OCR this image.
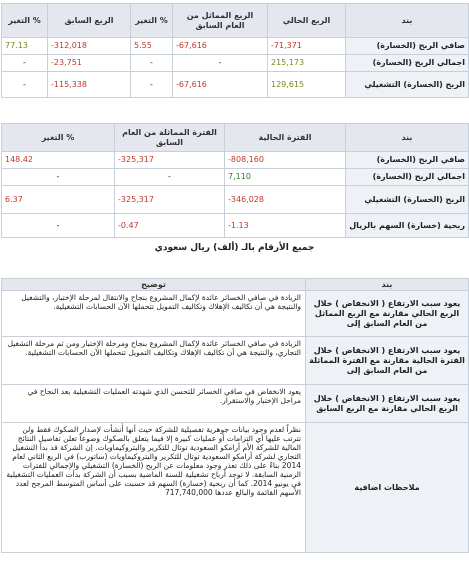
بند	الربع الحالي	الربع المماثل من العام السابق	% التغير	الربع السابق	% التغير
صافي الربح (الخسارة)	-71,371	-67,616	5.55	-312,018	77.13
اجمالي الربح (الخسارة)	215,173	-	-	-23,751	-
الربح (الخسارة) التشغيلي	129,615	-67,616	-	-115,338	-
بند	الفترة الحالية	الفترة المماثلة من العام السابق	% التغير
صافي الربح (الخسارة)	-808,160	-325,317	148.42
اجمالي الربح (الخسارة)	7,110	-	-
الربح (الخسارة) التشغيلي	-346,028	-325,317	6.37
ربحية (خسارة) السهم بالريال	-1.13	-0.47	-
جميع الأرقام بالـ (ألف) ريال سعودي
بند	توضيح
يعود سبب الارتفاع ( الانخفاض ) خلال الربع الحالي مقارنة مع الربع المماثل من العام السابق إلى	الزيادة في صافي الخسائر عائدة لإكمال المشروع بنجاح والانتقال لمرحلة الإختبار، والتشغيل والنتيجة هي أن تكاليف الإهلاك وتكاليف التمويل تتحملها الآن الحسابات التشغيلية.
يعود سبب الارتفاع ( الانخفاض ) خلال الفترة الحالية مقارنة مع الفترة المماثلة من العام السابق إلى	الزيادة في صافي الخسائر عائدة لإكمال المشروع بنجاح ومرحلة الإختبار ومن ثم مرحلة التشغيل التجاري، والنتيجة هي أن تكاليف الإهلاك وتكاليف التمويل تتحملها الآن الحسابات التشغيلية.
يعود سبب الارتفاع ( الانخفاض ) خلال الربع الحالي مقارنة مع الربع السابق	يعود الانخفاض في صافي الخسائر للتحسن الذي شهدته العمليات التشغيلية بعد النجاح في مراحل الإختبار والاستقرار.
ملاحظات اضافية	نظراً لعدم وجود بيانات جوهرية تفصيلية للشركة حيث أنها أُنشأت لإصدار الصكوك فقط ولن تترتب عليها أي التزامات أو عمليات كبيرة إلا فيما يتعلق بالصكوك وضوعاً تعلن تفاصيل النتائج المالية للشركة الأم أرامكو السعودية توتال للتكرير والبتروكيماويات. إن الشركة قد بدأ التشغيل التجاري لشركة أرامكو السعودية توتال للتكرير والبتروكيماويات (ساتورب) في الربع الثاني لعام 2014 بناءً على ذلك تعذر وجود معلومات عن الربح (الخسارة) التشغيلي والإجمالي للفترات الزمنية السابقة. لا توجد أرباح تشغيلية للسنة الماضية بسبب أن الشركة بدأت العمليات التشغيلية في يونيو 2014. كما أن ربحية (خسارة) السهم قد حسبت على أساس المتوسط المرجح لعدد الأسهم القائمة والبالغ عددها 717,740,000
